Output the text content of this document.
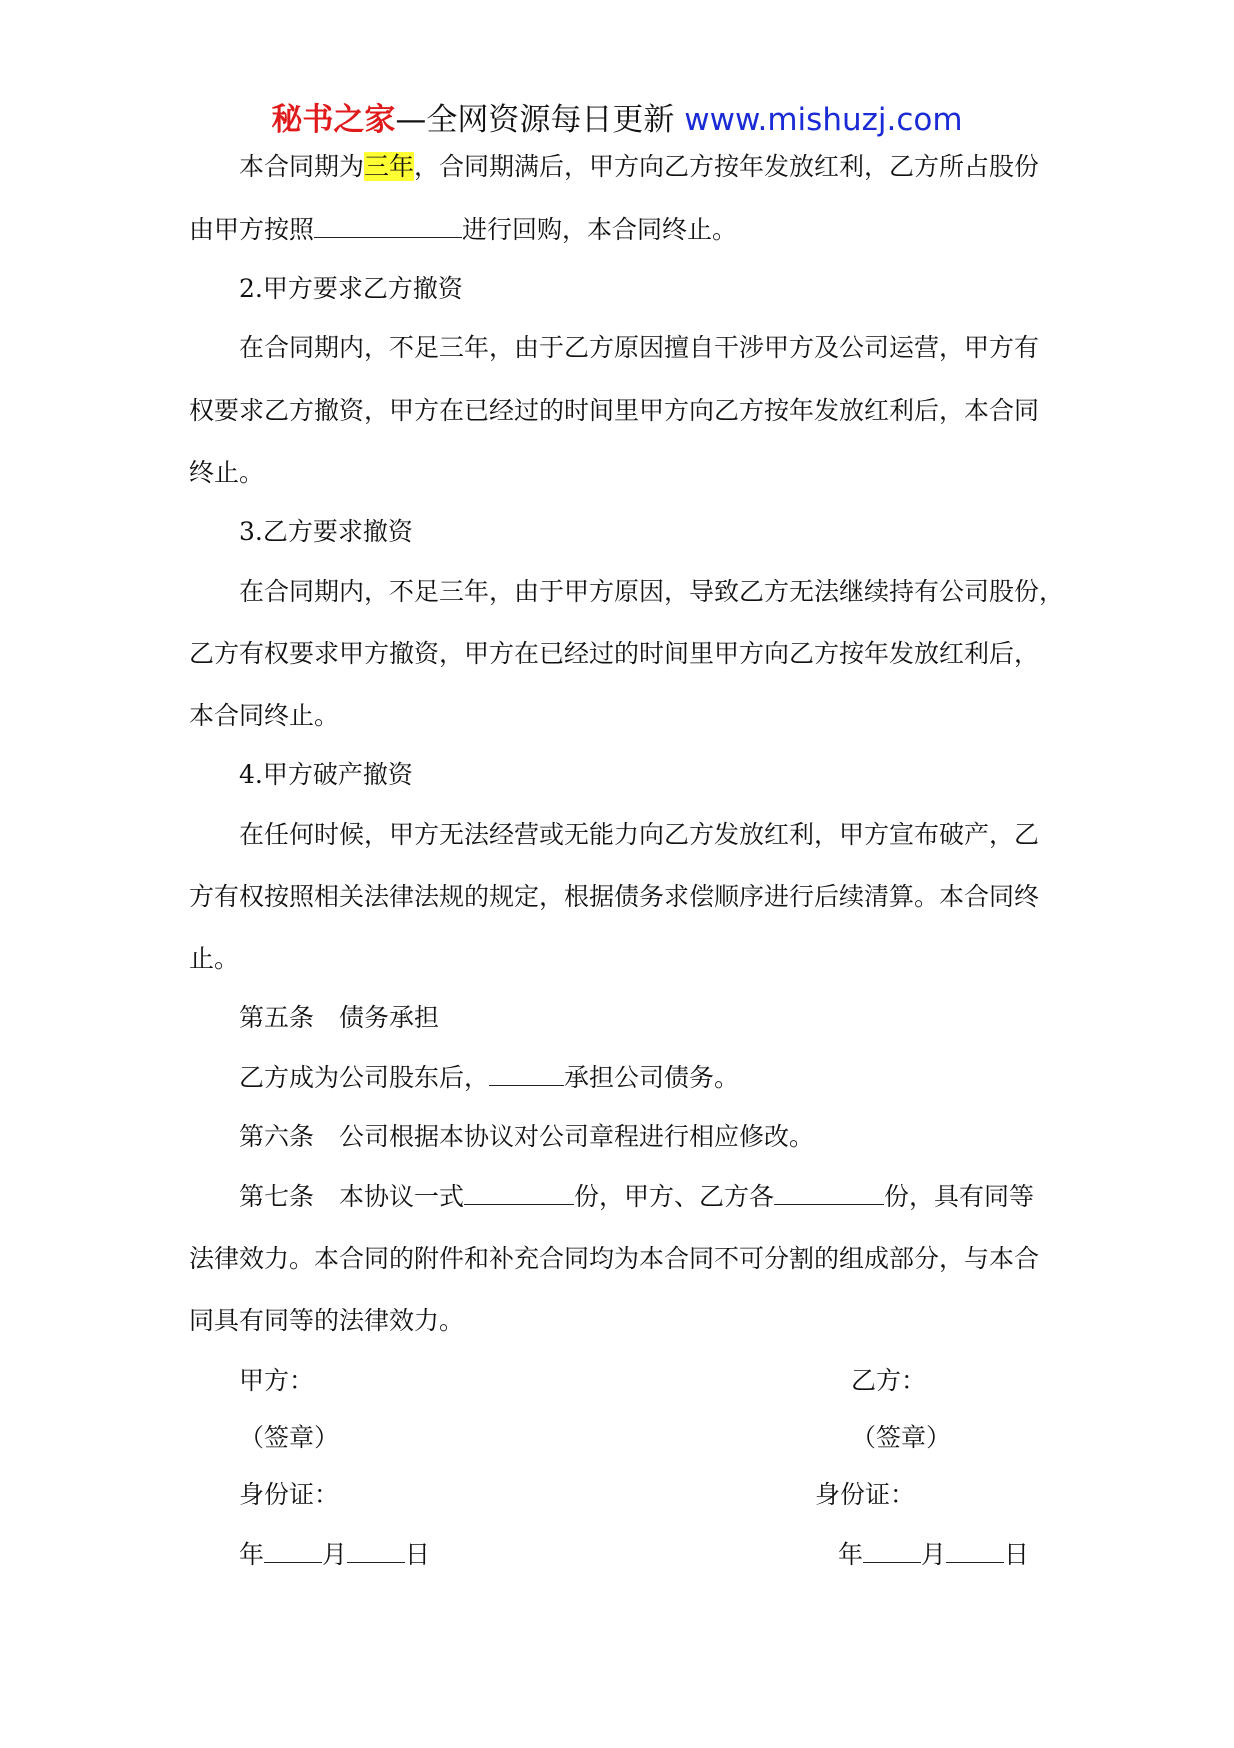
秘书之家—全网资源每日更新 www.mishuzj.com
本合同期为三年，合同期满后，甲方向乙方按年发放红利，乙方所占股份
由甲方按照	进行回购，本合同终止。
2.甲方要求乙方撤资
在合同期内，不足三年，由于乙方原因擅自干涉甲方及公司运营，甲方有
权要求乙方撤资，甲方在已经过的时间里甲方向乙方按年发放红利后，本合同
终止。
3.乙方要求撤资
在合同期内，不足三年，由于甲方原因，导致乙方无法继续持有公司股份，
乙方有权要求甲方撤资，甲方在已经过的时间里甲方向乙方按年发放红利后，
本合同终止。
4.甲方破产撤资
在任何时候，甲方无法经营或无能力向乙方发放红利，甲方宣布破产，乙
方有权按照相关法律法规的规定，根据债务求偿顺序进行后续清算。本合同终
止。
第五条　债务承担
乙方成为公司股东后，	承担公司债务。
第六条　公司根据本协议对公司章程进行相应修改。
第七条　本协议一式	份，甲方、乙方各	份，具有同等
法律效力。本合同的附件和补充合同均为本合同不可分割的组成部分，与本合
同具有同等的法律效力。
甲方：	乙方：
（签章）	（签章）
身份证：	身份证：
年 月 日	年 月 日
